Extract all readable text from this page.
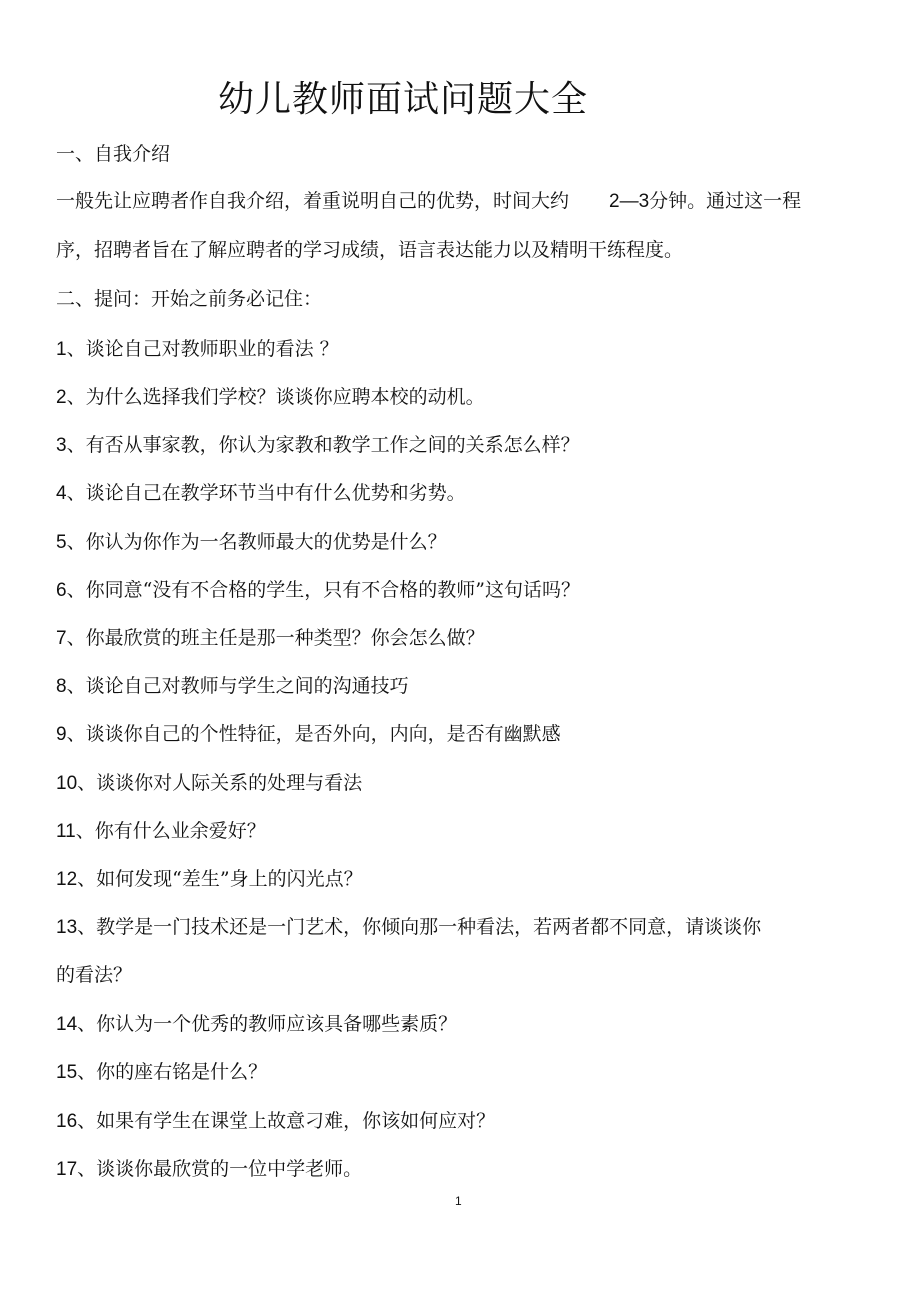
幼儿教师面试问题大全
一、自我介绍
一般先让应聘者作自我介绍，着重说明自己的优势，时间大约 2—3分钟。通过这一程
序，招聘者旨在了解应聘者的学习成绩，语言表达能力以及精明干练程度。
二、提问：开始之前务必记住：
1、谈论自己对教师职业的看法 ？
2、为什么选择我们学校？谈谈你应聘本校的动机。
3、有否从事家教，你认为家教和教学工作之间的关系怎么样？
4、谈论自己在教学环节当中有什么优势和劣势。
5、你认为你作为一名教师最大的优势是什么？
6、你同意“没有不合格的学生，只有不合格的教师”这句话吗？
7、你最欣赏的班主任是那一种类型？你会怎么做？
8、谈论自己对教师与学生之间的沟通技巧
9、谈谈你自己的个性特征，是否外向，内向，是否有幽默感
10、谈谈你对人际关系的处理与看法
11、你有什么业余爱好？
12、如何发现“差生”身上的闪光点？
13、教学是一门技术还是一门艺术，你倾向那一种看法，若两者都不同意，请谈谈你
的看法？
14、你认为一个优秀的教师应该具备哪些素质？
15、你的座右铭是什么？
16、如果有学生在课堂上故意刁难，你该如何应对？
17、谈谈你最欣赏的一位中学老师。
1
